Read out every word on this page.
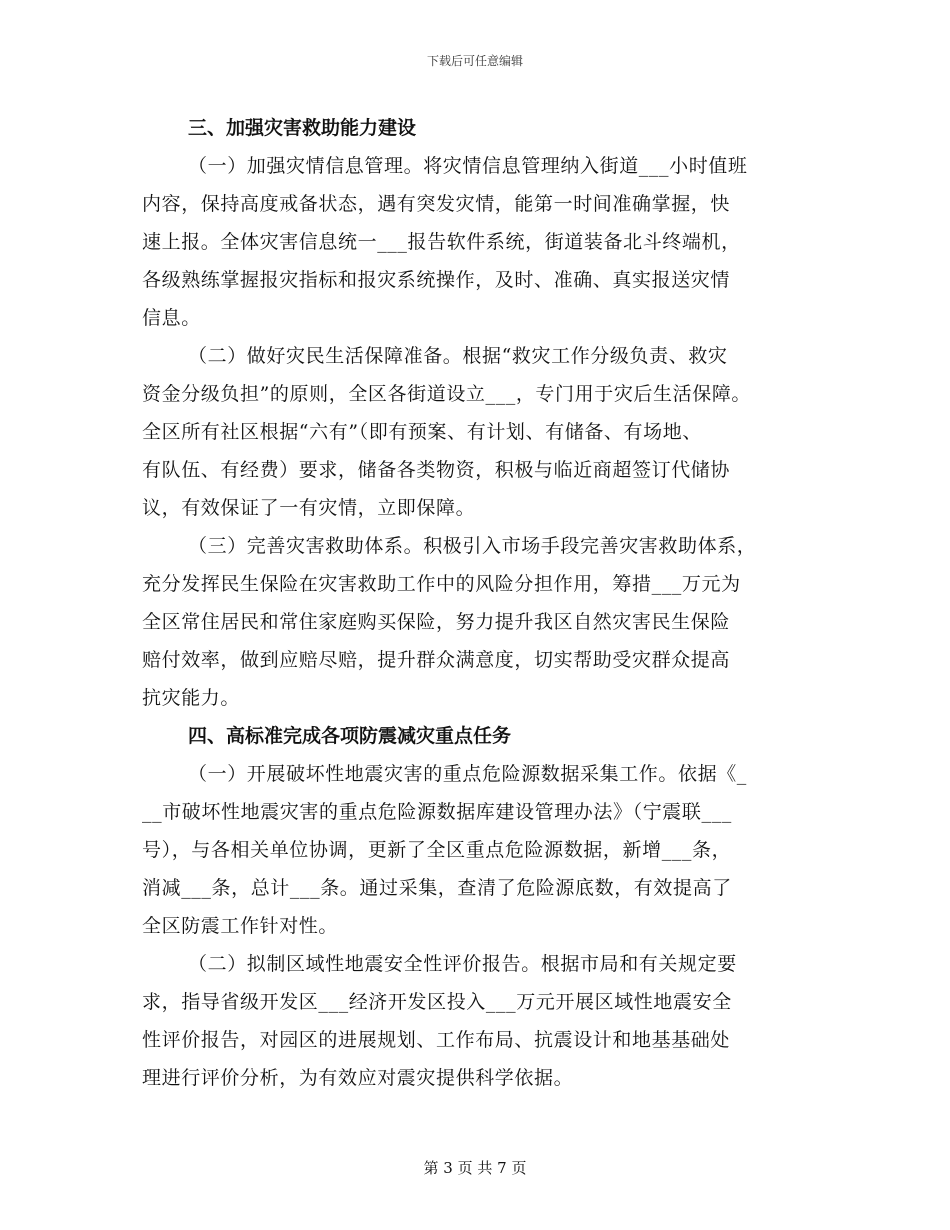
下载后可任意编辑
三、加强灾害救助能力建设
（一）加强灾情信息管理。将灾情信息管理纳入街道___小时值班
内容，保持高度戒备状态，遇有突发灾情，能第一时间准确掌握，快
速上报。全体灾害信息统一___报告软件系统，街道装备北斗终端机，
各级熟练掌握报灾指标和报灾系统操作，及时、准确、真实报送灾情
信息。
（二）做好灾民生活保障准备。根据“救灾工作分级负责、救灾
资金分级负担”的原则，全区各街道设立___，专门用于灾后生活保障。
全区所有社区根据“六有”（即有预案、有计划、有储备、有场地、
有队伍、有经费）要求，储备各类物资，积极与临近商超签订代储协
议，有效保证了一有灾情，立即保障。
（三）完善灾害救助体系。积极引入市场手段完善灾害救助体系，
充分发挥民生保险在灾害救助工作中的风险分担作用，筹措___万元为
全区常住居民和常住家庭购买保险，努力提升我区自然灾害民生保险
赔付效率，做到应赔尽赔，提升群众满意度，切实帮助受灾群众提高
抗灾能力。
四、高标准完成各项防震减灾重点任务
（一）开展破坏性地震灾害的重点危险源数据采集工作。依据《_
__市破坏性地震灾害的重点危险源数据库建设管理办法》（宁震联___
号），与各相关单位协调，更新了全区重点危险源数据，新增___条，
消减___条，总计___条。通过采集，查清了危险源底数，有效提高了
全区防震工作针对性。
（二）拟制区域性地震安全性评价报告。根据市局和有关规定要
求，指导省级开发区___经济开发区投入___万元开展区域性地震安全
性评价报告，对园区的进展规划、工作布局、抗震设计和地基基础处
理进行评价分析，为有效应对震灾提供科学依据。
第 3 页 共 7 页
